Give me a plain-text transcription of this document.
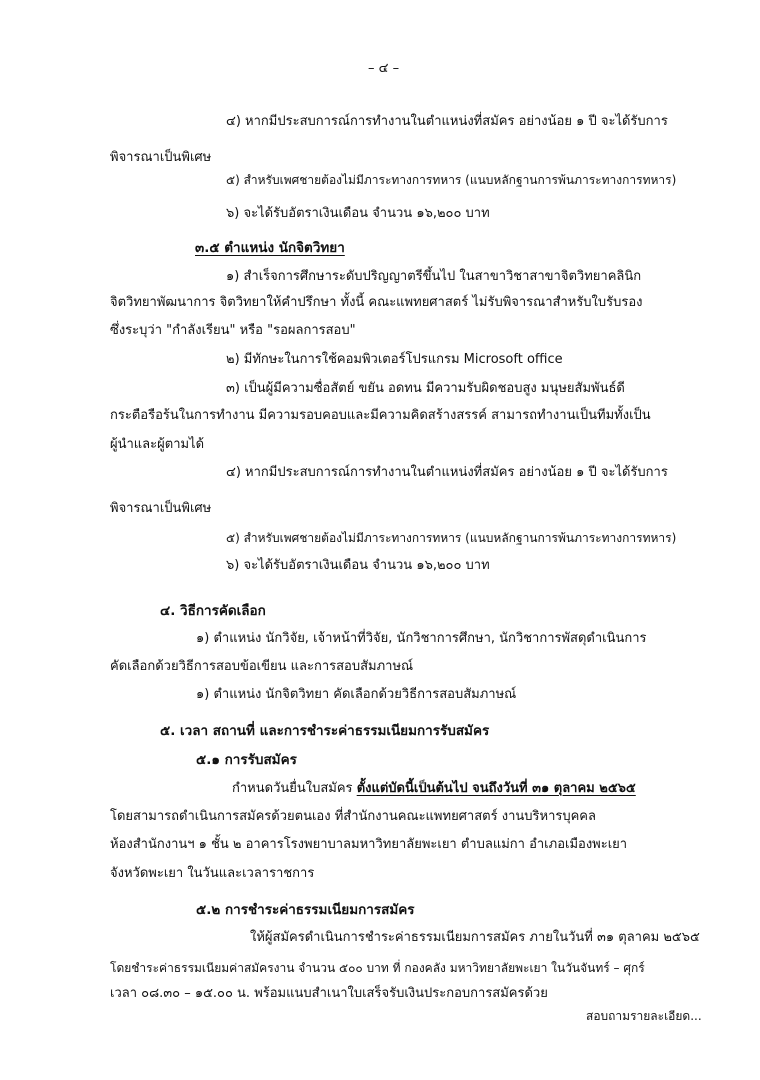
– ๔ –
๔) หากมีประสบการณ์การทำงานในตำแหน่งที่สมัคร อย่างน้อย ๑ ปี จะได้รับการ
พิจารณาเป็นพิเศษ
๕) สำหรับเพศชายต้องไม่มีภาระทางการทหาร (แนบหลักฐานการพ้นภาระทางการทหาร)
๖) จะได้รับอัตราเงินเดือน จำนวน ๑๖,๒๐๐ บาท
๓.๕ ตำแหน่ง นักจิตวิทยา
๑) สำเร็จการศึกษาระดับปริญญาตรีขึ้นไป ในสาขาวิชาสาขาจิตวิทยาคลินิก
จิตวิทยาพัฒนาการ จิตวิทยาให้คำปรึกษา ทั้งนี้ คณะแพทยศาสตร์ ไม่รับพิจารณาสำหรับใบรับรอง
ซึ่งระบุว่า "กำลังเรียน" หรือ "รอผลการสอบ"
๒) มีทักษะในการใช้คอมพิวเตอร์โปรแกรม Microsoft office
๓) เป็นผู้มีความซื่อสัตย์ ขยัน อดทน มีความรับผิดชอบสูง มนุษยสัมพันธ์ดี
กระตือรือร้นในการทำงาน มีความรอบคอบและมีความคิดสร้างสรรค์ สามารถทำงานเป็นทีมทั้งเป็น
ผู้นำและผู้ตามได้
๔) หากมีประสบการณ์การทำงานในตำแหน่งที่สมัคร อย่างน้อย ๑ ปี จะได้รับการ
พิจารณาเป็นพิเศษ
๕) สำหรับเพศชายต้องไม่มีภาระทางการทหาร (แนบหลักฐานการพ้นภาระทางการทหาร)
๖) จะได้รับอัตราเงินเดือน จำนวน ๑๖,๒๐๐ บาท
๔. วิธีการคัดเลือก
๑) ตำแหน่ง นักวิจัย, เจ้าหน้าที่วิจัย, นักวิชาการศึกษา, นักวิชาการพัสดุดำเนินการ
คัดเลือกด้วยวิธีการสอบข้อเขียน และการสอบสัมภาษณ์
๑) ตำแหน่ง นักจิตวิทยา คัดเลือกด้วยวิธีการสอบสัมภาษณ์
๕. เวลา สถานที่ และการชำระค่าธรรมเนียมการรับสมัคร
๕.๑ การรับสมัคร
กำหนดวันยื่นใบสมัคร ตั้งแต่บัดนี้เป็นต้นไป จนถึงวันที่ ๓๑ ตุลาคม ๒๕๖๕
โดยสามารถดำเนินการสมัครด้วยตนเอง ที่สำนักงานคณะแพทยศาสตร์ งานบริหารบุคคล
ห้องสำนักงานฯ ๑ ชั้น ๒ อาคารโรงพยาบาลมหาวิทยาลัยพะเยา ตำบลแม่กา อำเภอเมืองพะเยา
จังหวัดพะเยา ในวันและเวลาราชการ
๕.๒ การชำระค่าธรรมเนียมการสมัคร
ให้ผู้สมัครดำเนินการชำระค่าธรรมเนียมการสมัคร ภายในวันที่ ๓๑ ตุลาคม ๒๕๖๕
โดยชำระค่าธรรมเนียมค่าสมัครงาน จำนวน ๕๐๐ บาท ที่ กองคลัง มหาวิทยาลัยพะเยา ในวันจันทร์ – ศุกร์
เวลา ๐๘.๓๐ – ๑๕.๐๐ น. พร้อมแนบสำเนาใบเสร็จรับเงินประกอบการสมัครด้วย
สอบถามรายละเอียด...
